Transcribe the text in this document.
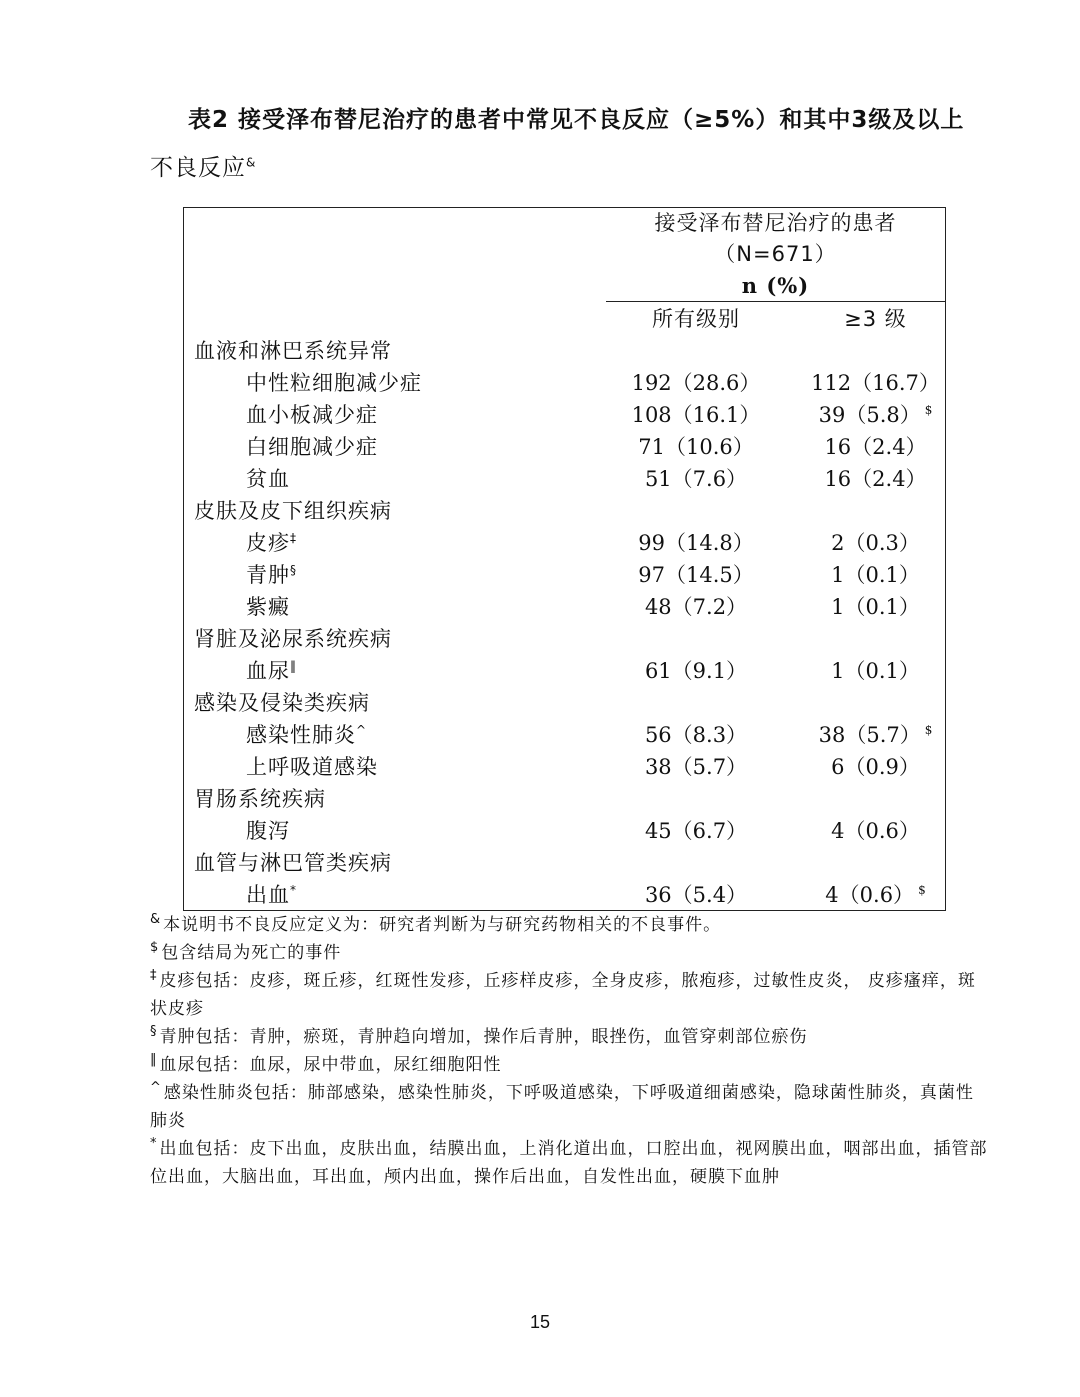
表2 接受泽布替尼治疗的患者中常见不良反应（≥5%）和其中3级及以上
不良反应&

	接受泽布替尼治疗的患者
（N=671）
n (%)	

	所有级别	≥3 级
血液和淋巴系统异常		
中性粒细胞减少症	192（28.6）	112（16.7）
血小板减少症	108（16.1）	39（5.8） $
白细胞减少症	71（10.6）	16（2.4）
贫血	51（7.6）	16（2.4）
皮肤及皮下组织疾病		
皮疹‡	99（14.8）	2（0.3）
青肿§	97（14.5）	1（0.1）
紫癜	48（7.2）	1（0.1）
肾脏及泌尿系统疾病		
血尿‖	61（9.1）	1（0.1）
感染及侵染类疾病		
感染性肺炎^	56（8.3）	38（5.7） $
上呼吸道感染	38（5.7）	6（0.9）
胃肠系统疾病		
腹泻	45（6.7）	4（0.6）
血管与淋巴管类疾病		
出血*	36（5.4）	4（0.6） $
& 本说明书不良反应定义为：研究者判断为与研究药物相关的不良事件。
$ 包含结局为死亡的事件
‡ 皮疹包括：皮疹，斑丘疹，红斑性发疹，丘疹样皮疹，全身皮疹，脓疱疹，过敏性皮炎， 皮疹瘙痒，斑状皮疹
§ 青肿包括：青肿，瘀斑，青肿趋向增加，操作后青肿，眼挫伤，血管穿刺部位瘀伤
‖ 血尿包括：血尿，尿中带血，尿红细胞阳性
^ 感染性肺炎包括：肺部感染，感染性肺炎，下呼吸道感染，下呼吸道细菌感染，隐球菌性肺炎，真菌性肺炎
* 出血包括：皮下出血，皮肤出血，结膜出血，上消化道出血，口腔出血，视网膜出血，咽部出血，插管部位出血，大脑出血，耳出血，颅内出血，操作后出血，自发性出血，硬膜下血肿
15
